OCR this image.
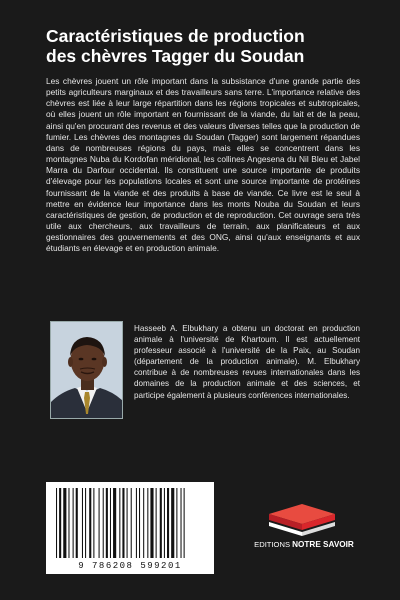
Caractéristiques de production
des chèvres Tagger du Soudan

Les chèvres jouent un rôle important dans la subsistance d'une grande partie des petits agriculteurs marginaux et des travailleurs sans terre. L'importance relative des chèvres est liée à leur large répartition dans les régions tropicales et subtropicales, où elles jouent un rôle important en fournissant de la viande, du lait et de la peau, ainsi qu'en procurant des revenus et des valeurs diverses telles que la production de fumier. Les chèvres des montagnes du Soudan (Tagger) sont largement répandues dans de nombreuses régions du pays, mais elles se concentrent dans les montagnes Nuba du Kordofan méridional, les collines Angesena du Nil Bleu et Jabel Marra du Darfour occidental. Ils constituent une source importante de produits d'élevage pour les populations locales et sont une source importante de protéines fournissant de la viande et des produits à base de viande. Ce livre est le seul à mettre en évidence leur importance dans les monts Nouba du Soudan et leurs caractéristiques de gestion, de production et de reproduction. Cet ouvrage sera très utile aux chercheurs, aux travailleurs de terrain, aux planificateurs et aux gestionnaires des gouvernements et des ONG, ainsi qu'aux enseignants et aux étudiants en élevage et en production animale.

Hasseeb A. Elbukhary a obtenu un doctorat en production animale à l'université de Khartoum. Il est actuellement professeur associé à l'université de la Paix, au Soudan (département de la production animale). M. Elbukhary contribue à de nombreuses revues internationales dans les domaines de la production animale et des sciences, et participe également à plusieurs conférences internationales.

9 786208 599201
EDITIONS NOTRE SAVOIR
